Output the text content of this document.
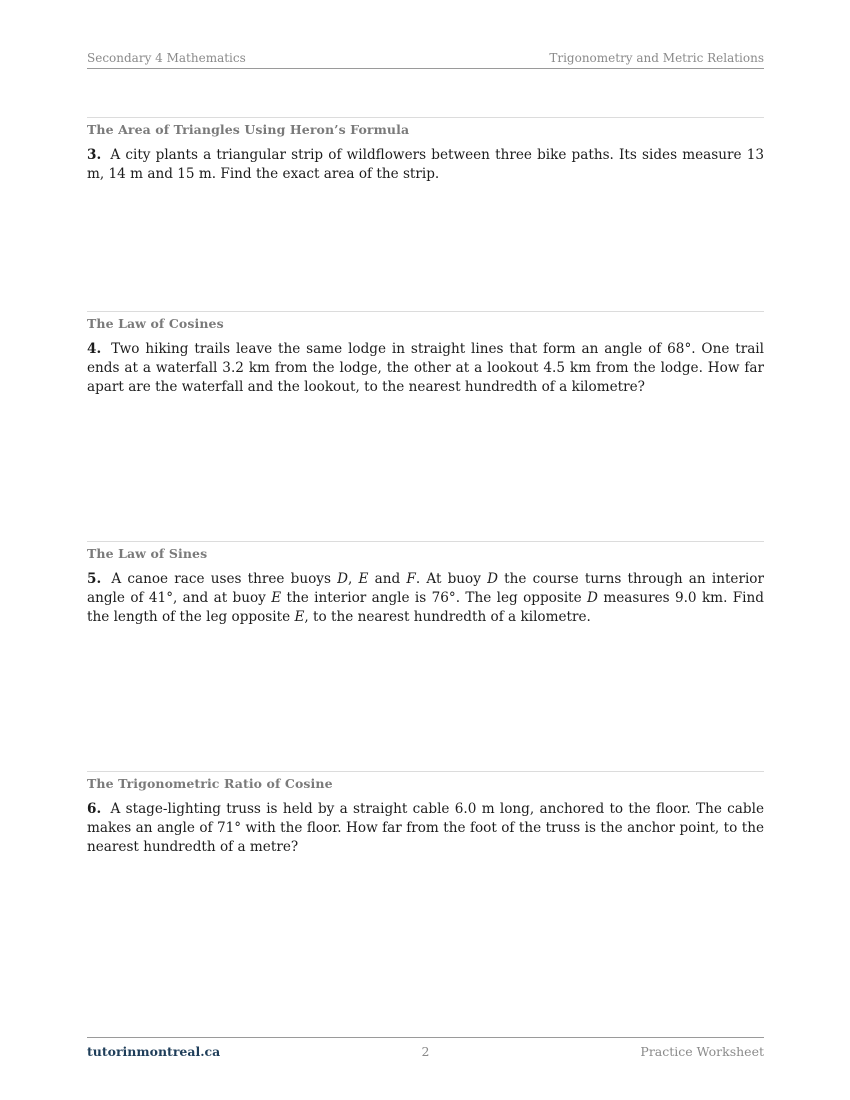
Secondary 4 Mathematics	Trigonometry and Metric Relations
The Area of Triangles Using Heron’s Formula
3. A city plants a triangular strip of wildflowers between three bike paths. Its sides measure 13 m, 14 m and 15 m. Find the exact area of the strip.
The Law of Cosines
4. Two hiking trails leave the same lodge in straight lines that form an angle of 68°. One trail ends at a waterfall 3.2 km from the lodge, the other at a lookout 4.5 km from the lodge. How far apart are the waterfall and the lookout, to the nearest hundredth of a kilometre?
The Law of Sines
5. A canoe race uses three buoys D, E and F. At buoy D the course turns through an interior angle of 41°, and at buoy E the interior angle is 76°. The leg opposite D measures 9.0 km. Find the length of the leg opposite E, to the nearest hundredth of a kilometre.
The Trigonometric Ratio of Cosine
6. A stage-lighting truss is held by a straight cable 6.0 m long, anchored to the floor. The cable makes an angle of 71° with the floor. How far from the foot of the truss is the anchor point, to the nearest hundredth of a metre?
tutorinmontreal.ca	2	Practice Worksheet
